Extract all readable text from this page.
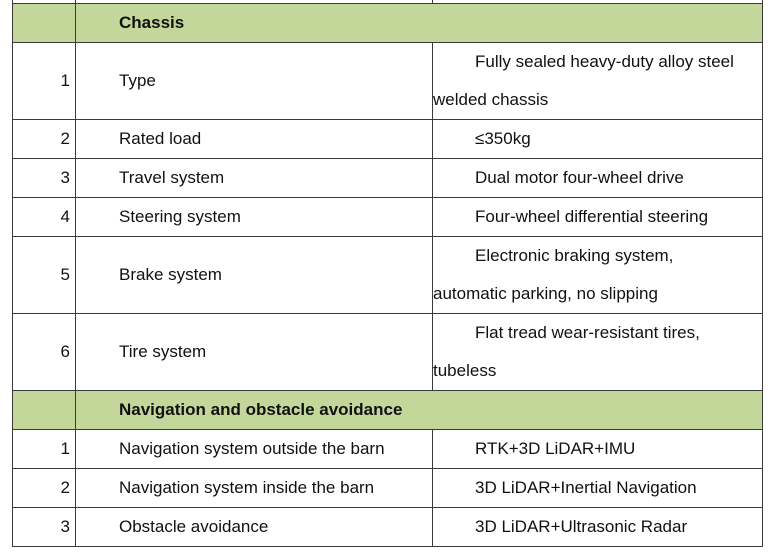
	Chassis	
1	Type	Fully sealed heavy-duty alloy steel
welded chassis
2	Rated load	≤350kg
3	Travel system	Dual motor four-wheel drive
4	Steering system	Four-wheel differential steering
5	Brake system	Electronic braking system,
automatic parking, no slipping
6	Tire system	Flat tread wear-resistant tires,
tubeless
	Navigation and obstacle avoidance	
1	Navigation system outside the barn	RTK+3D LiDAR+IMU
2	Navigation system inside the barn	3D LiDAR+Inertial Navigation
3	Obstacle avoidance	3D LiDAR+Ultrasonic Radar
